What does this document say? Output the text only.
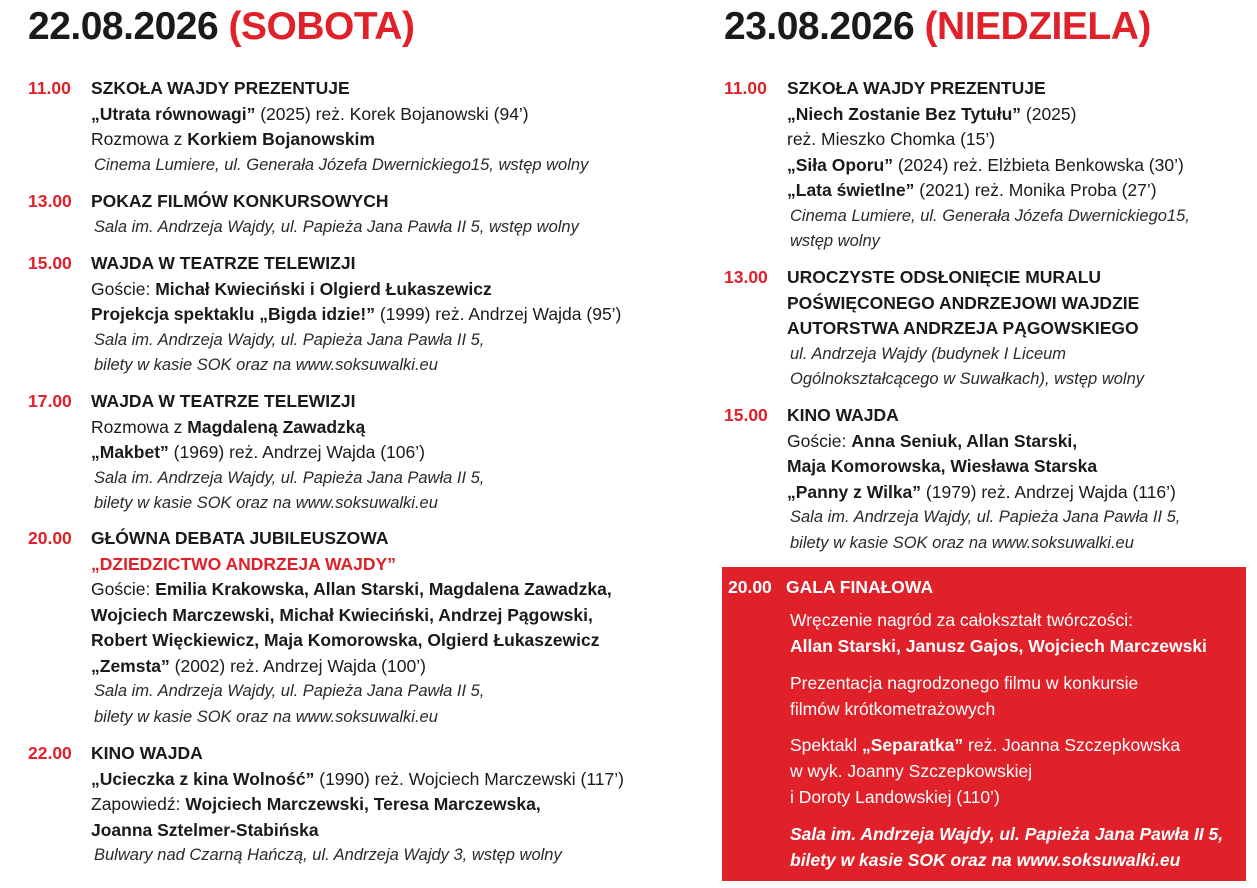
22.08.2026 (SOBOTA)
11.00	SZKOŁA WAJDY PREZENTUJE
„Utrata równowagi” (2025) reż. Korek Bojanowski (94’)
Rozmowa z Korkiem Bojanowskim
Cinema Lumiere, ul. Generała Józefa Dwernickiego15, wstęp wolny
13.00	POKAZ FILMÓW KONKURSOWYCH
Sala im. Andrzeja Wajdy, ul. Papieża Jana Pawła II 5, wstęp wolny
15.00	WAJDA W TEATRZE TELEWIZJI
Goście: Michał Kwieciński i Olgierd Łukaszewicz
Projekcja spektaklu „Bigda idzie!” (1999) reż. Andrzej Wajda (95’)
Sala im. Andrzeja Wajdy, ul. Papieża Jana Pawła II 5,
bilety w kasie SOK oraz na www.soksuwalki.eu
17.00	WAJDA W TEATRZE TELEWIZJI
Rozmowa z Magdaleną Zawadzką
„Makbet” (1969) reż. Andrzej Wajda (106’)
Sala im. Andrzeja Wajdy, ul. Papieża Jana Pawła II 5,
bilety w kasie SOK oraz na www.soksuwalki.eu
20.00	GŁÓWNA DEBATA JUBILEUSZOWA
„DZIEDZICTWO ANDRZEJA WAJDY”
Goście: Emilia Krakowska, Allan Starski, Magdalena Zawadzka,
Wojciech Marczewski, Michał Kwieciński, Andrzej Pągowski,
Robert Więckiewicz, Maja Komorowska, Olgierd Łukaszewicz
„Zemsta” (2002) reż. Andrzej Wajda (100’)
Sala im. Andrzeja Wajdy, ul. Papieża Jana Pawła II 5,
bilety w kasie SOK oraz na www.soksuwalki.eu
22.00	KINO WAJDA
„Ucieczka z kina Wolność” (1990) reż. Wojciech Marczewski (117’)
Zapowiedź: Wojciech Marczewski, Teresa Marczewska,
Joanna Sztelmer-Stabińska
Bulwary nad Czarną Hańczą, ul. Andrzeja Wajdy 3, wstęp wolny
23.08.2026 (NIEDZIELA)
11.00	SZKOŁA WAJDY PREZENTUJE
„Niech Zostanie Bez Tytułu” (2025)
reż. Mieszko Chomka (15’)
„Siła Oporu” (2024) reż. Elżbieta Benkowska (30’)
„Lata świetlne” (2021) reż. Monika Proba (27’)
Cinema Lumiere, ul. Generała Józefa Dwernickiego15,
wstęp wolny
13.00	UROCZYSTE ODSŁONIĘCIE MURALU
POŚWIĘCONEGO ANDRZEJOWI WAJDZIE
AUTORSTWA ANDRZEJA PĄGOWSKIEGO
ul. Andrzeja Wajdy (budynek I Liceum
Ogólnokształcącego w Suwałkach), wstęp wolny
15.00	KINO WAJDA
Goście: Anna Seniuk, Allan Starski,
Maja Komorowska, Wiesława Starska
„Panny z Wilka” (1979) reż. Andrzej Wajda (116’)
Sala im. Andrzeja Wajdy, ul. Papieża Jana Pawła II 5,
bilety w kasie SOK oraz na www.soksuwalki.eu
20.00 GALA FINAŁOWA
Wręczenie nagród za całokształt twórczości:
Allan Starski, Janusz Gajos, Wojciech Marczewski
Prezentacja nagrodzonego filmu w konkursie
filmów krótkometrażowych
Spektakl „Separatka” reż. Joanna Szczepkowska
w wyk. Joanny Szczepkowskiej
i Doroty Landowskiej (110’)
Sala im. Andrzeja Wajdy, ul. Papieża Jana Pawła II 5,
bilety w kasie SOK oraz na www.soksuwalki.eu
